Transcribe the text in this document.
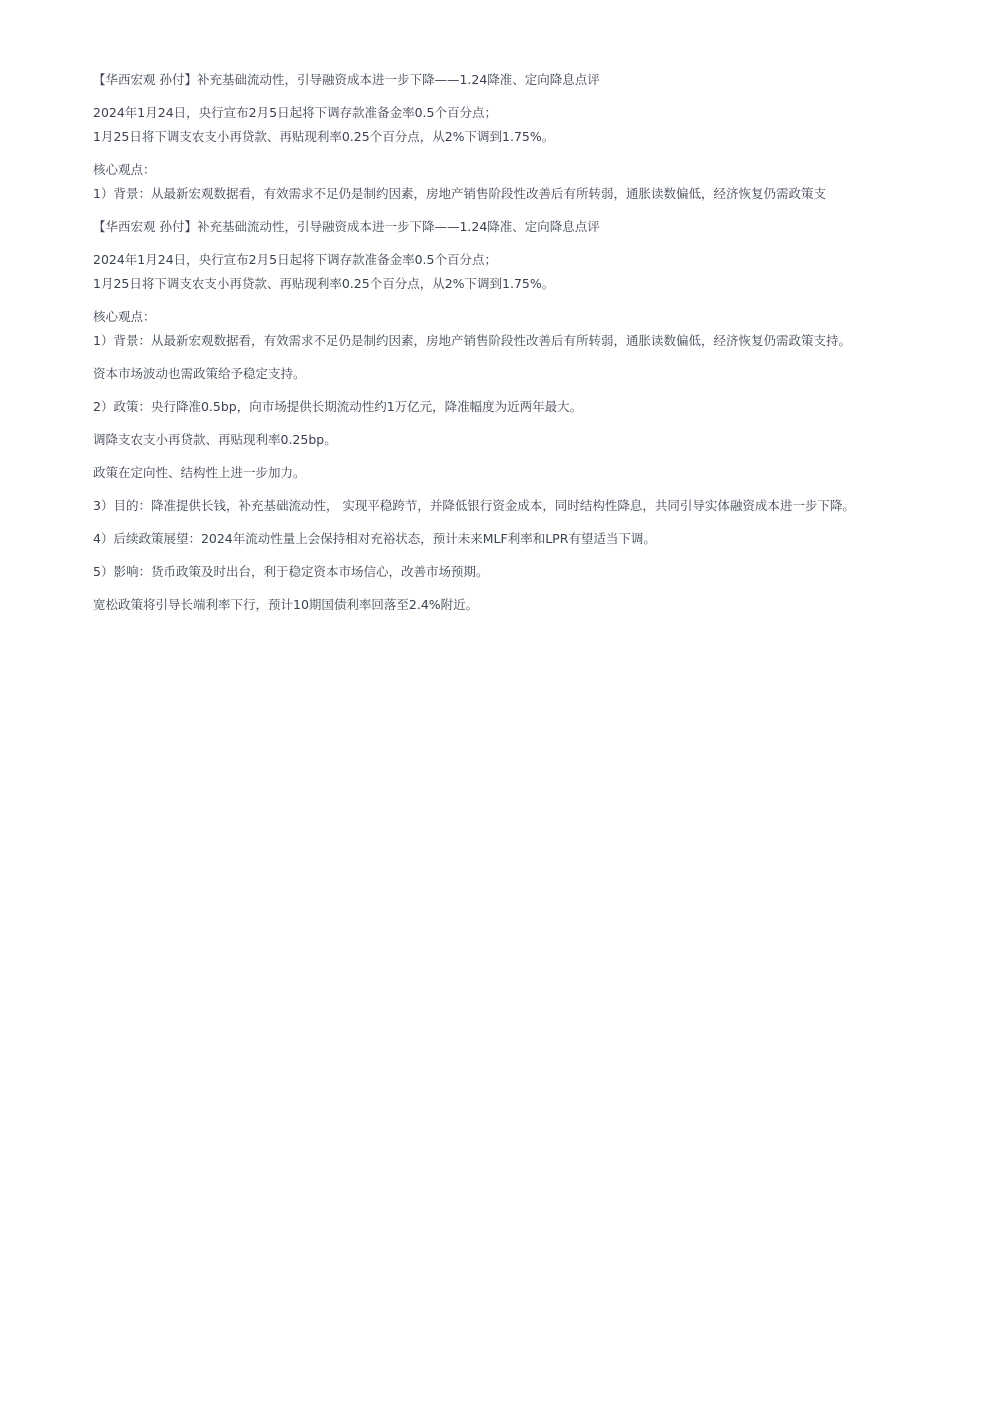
【华西宏观 孙付】补充基础流动性，引导融资成本进一步下降——1.24降准、定向降息点评

2024年1月24日，央行宣布2月5日起将下调存款准备金率0.5个百分点；
1月25日将下调支农支小再贷款、再贴现利率0.25个百分点，从2%下调到1.75%。

核心观点：
1）背景：从最新宏观数据看，有效需求不足仍是制约因素，房地产销售阶段性改善后有所转弱，通胀读数偏低，经济恢复仍需政策支

【华西宏观 孙付】补充基础流动性，引导融资成本进一步下降——1.24降准、定向降息点评

2024年1月24日，央行宣布2月5日起将下调存款准备金率0.5个百分点；
1月25日将下调支农支小再贷款、再贴现利率0.25个百分点，从2%下调到1.75%。

核心观点：
1）背景：从最新宏观数据看，有效需求不足仍是制约因素，房地产销售阶段性改善后有所转弱，通胀读数偏低，经济恢复仍需政策支持。

资本市场波动也需政策给予稳定支持。

2）政策：央行降准0.5bp，向市场提供长期流动性约1万亿元，降准幅度为近两年最大。

调降支农支小再贷款、再贴现利率0.25bp。

政策在定向性、结构性上进一步加力。

3）目的：降准提供长钱，补充基础流动性， 实现平稳跨节，并降低银行资金成本，同时结构性降息，共同引导实体融资成本进一步下降。

4）后续政策展望：2024年流动性量上会保持相对充裕状态，预计未来MLF利率和LPR有望适当下调。

5）影响：货币政策及时出台，利于稳定资本市场信心，改善市场预期。

宽松政策将引导长端利率下行，预计10期国债利率回落至2.4%附近。
